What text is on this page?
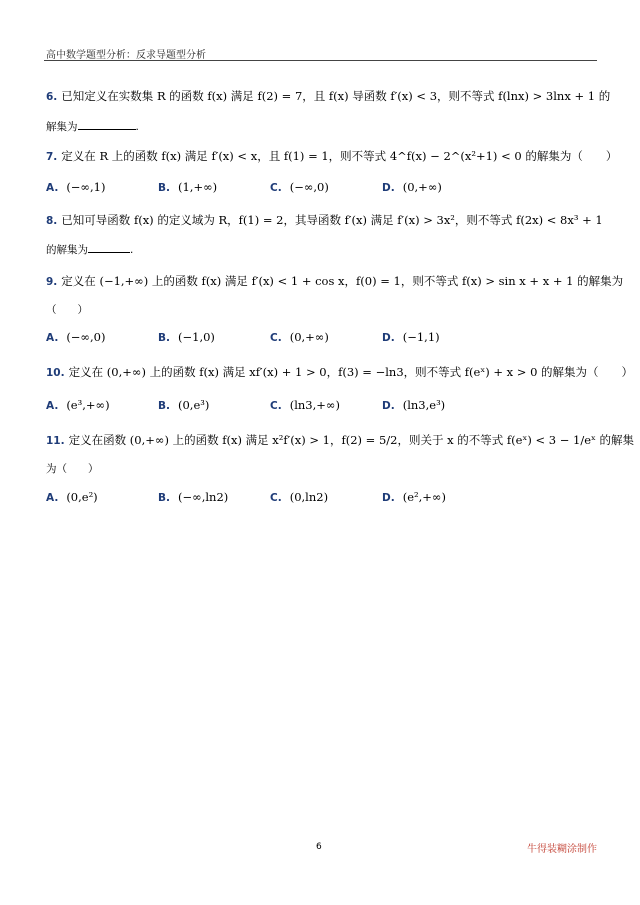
高中数学题型分析：反求导题型分析
6. 已知定义在实数集 R 的函数 f(x) 满足 f(2) = 7，且 f(x) 导函数 f′(x) < 3，则不等式 f(lnx) > 3lnx + 1 的
解集为	.
7. 定义在 R 上的函数 f(x) 满足 f′(x) < x，且 f(1) = 1，则不等式 4^f(x) − 2^(x²+1) < 0 的解集为（　　）
A. (−∞,1)	B. (1,+∞)	C. (−∞,0)	D. (0,+∞)
8. 已知可导函数 f(x) 的定义域为 R，f(1) = 2，其导函数 f′(x) 满足 f′(x) > 3x²，则不等式 f(2x) < 8x³ + 1
的解集为	.
9. 定义在 (−1,+∞) 上的函数 f(x) 满足 f′(x) < 1 + cos x，f(0) = 1，则不等式 f(x) > sin x + x + 1 的解集为
（　　）
A. (−∞,0)	B. (−1,0)	C. (0,+∞)	D. (−1,1)
10. 定义在 (0,+∞) 上的函数 f(x) 满足 xf′(x) + 1 > 0，f(3) = −ln3，则不等式 f(eˣ) + x > 0 的解集为（　　）
A. (e³,+∞)	B. (0,e³)	C. (ln3,+∞)	D. (ln3,e³)
11. 定义在函数 (0,+∞) 上的函数 f(x) 满足 x²f′(x) > 1，f(2) = 5/2，则关于 x 的不等式 f(eˣ) < 3 − 1/eˣ 的解集
为（　　）
A. (0,e²)	B. (−∞,ln2)	C. (0,ln2)	D. (e²,+∞)
6	牛得装糊涂制作
